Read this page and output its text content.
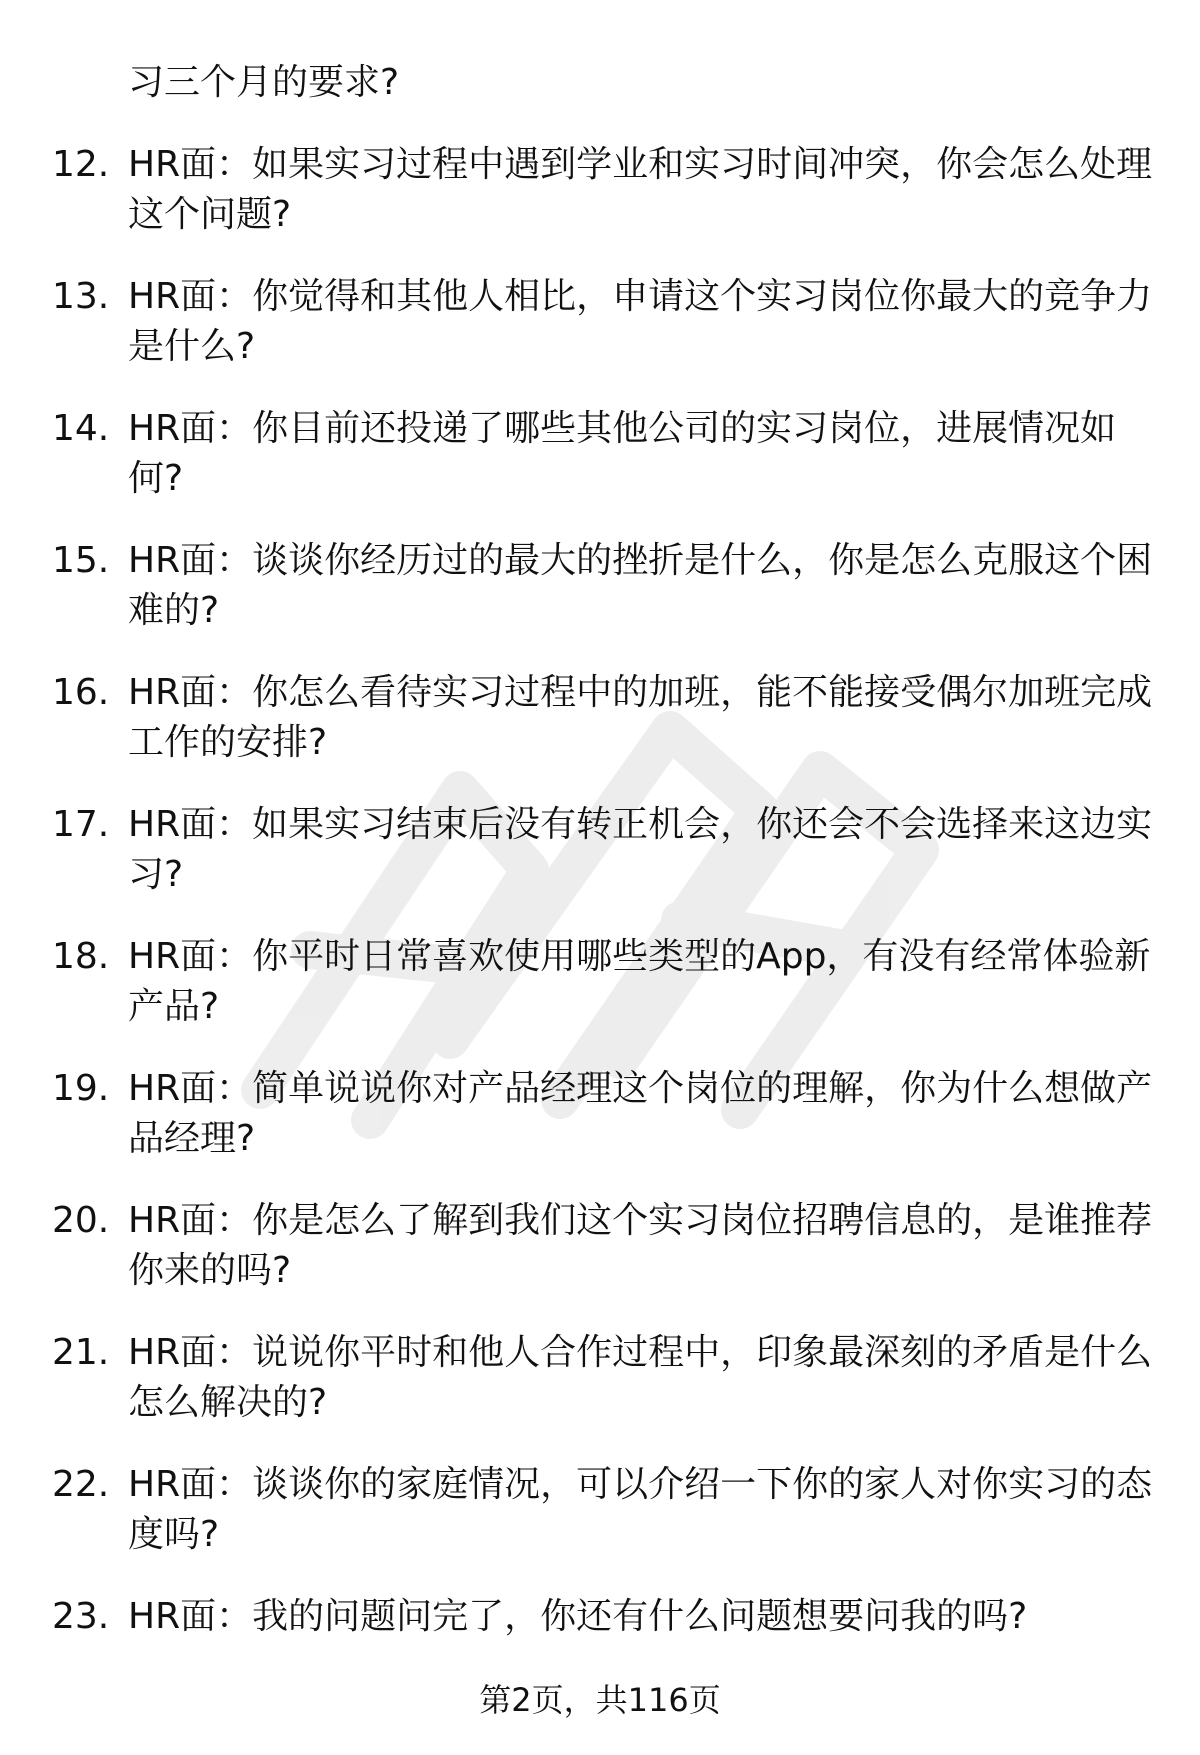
习三个月的要求?

12. HR面：如果实习过程中遇到学业和实习时间冲突，你会怎么处理这个问题?
13. HR面：你觉得和其他人相比，申请这个实习岗位你最大的竞争力是什么?
14. HR面：你目前还投递了哪些其他公司的实习岗位，进展情况如何?
15. HR面：谈谈你经历过的最大的挫折是什么，你是怎么克服这个困难的?
16. HR面：你怎么看待实习过程中的加班，能不能接受偶尔加班完成工作的安排?
17. HR面：如果实习结束后没有转正机会，你还会不会选择来这边实习?
18. HR面：你平时日常喜欢使用哪些类型的App，有没有经常体验新产品?
19. HR面：简单说说你对产品经理这个岗位的理解，你为什么想做产品经理?
20. HR面：你是怎么了解到我们这个实习岗位招聘信息的，是谁推荐你来的吗?
21. HR面：说说你平时和他人合作过程中，印象最深刻的矛盾是什么怎么解决的?
22. HR面：谈谈你的家庭情况，可以介绍一下你的家人对你实习的态度吗?
23. HR面：我的问题问完了，你还有什么问题想要问我的吗?

第2页，共116页
